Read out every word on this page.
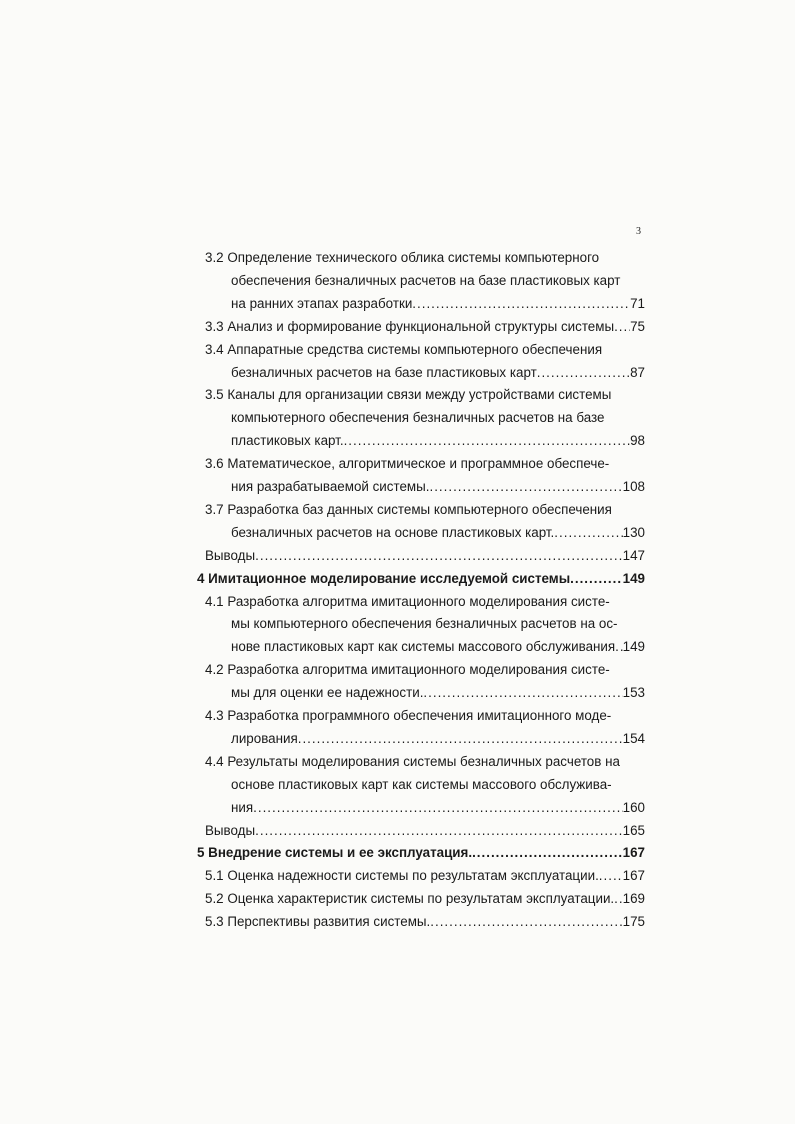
3
3.2 Определение технического облика системы компьютерного
обеспечения безналичных расчетов на базе пластиковых карт
на ранних этапах разработки .....	71
3.3 Анализ и формирование функциональной структуры системы ..... 75
3.4 Аппаратные средства системы компьютерного обеспечения
безналичных расчетов на базе пластиковых карт .....	87
3.5 Каналы для организации связи между устройствами системы
компьютерного обеспечения безналичных расчетов на базе
пластиковых карт. .....	98
3.6 Математическое, алгоритмическое и программное обеспече-
ния разрабатываемой системы. .....	108
3.7 Разработка баз данных системы компьютерного обеспечения
безналичных расчетов на основе пластиковых карт. .....	130
Выводы .....	147
4 Имитационное моделирование исследуемой системы .....	149
4.1 Разработка алгоритма имитационного моделирования систе-
мы компьютерного обеспечения безналичных расчетов на ос-
нове пластиковых карт как системы массового обслуживания ..... 149
4.2 Разработка алгоритма имитационного моделирования систе-
мы для оценки ее надежности. .....	153
4.3 Разработка программного обеспечения имитационного моде-
лирования .....	154
4.4 Результаты моделирования системы безналичных расчетов на
основе пластиковых карт как системы массового обслужива-
ния .....	160
Выводы .....	165
5 Внедрение системы и ее эксплуатация. .....	167
5.1 Оценка надежности системы по результатам эксплуатации. ..... 167
5.2 Оценка характеристик системы по результатам эксплуатации. ..... 169
5.3 Перспективы развития системы. .....	175
